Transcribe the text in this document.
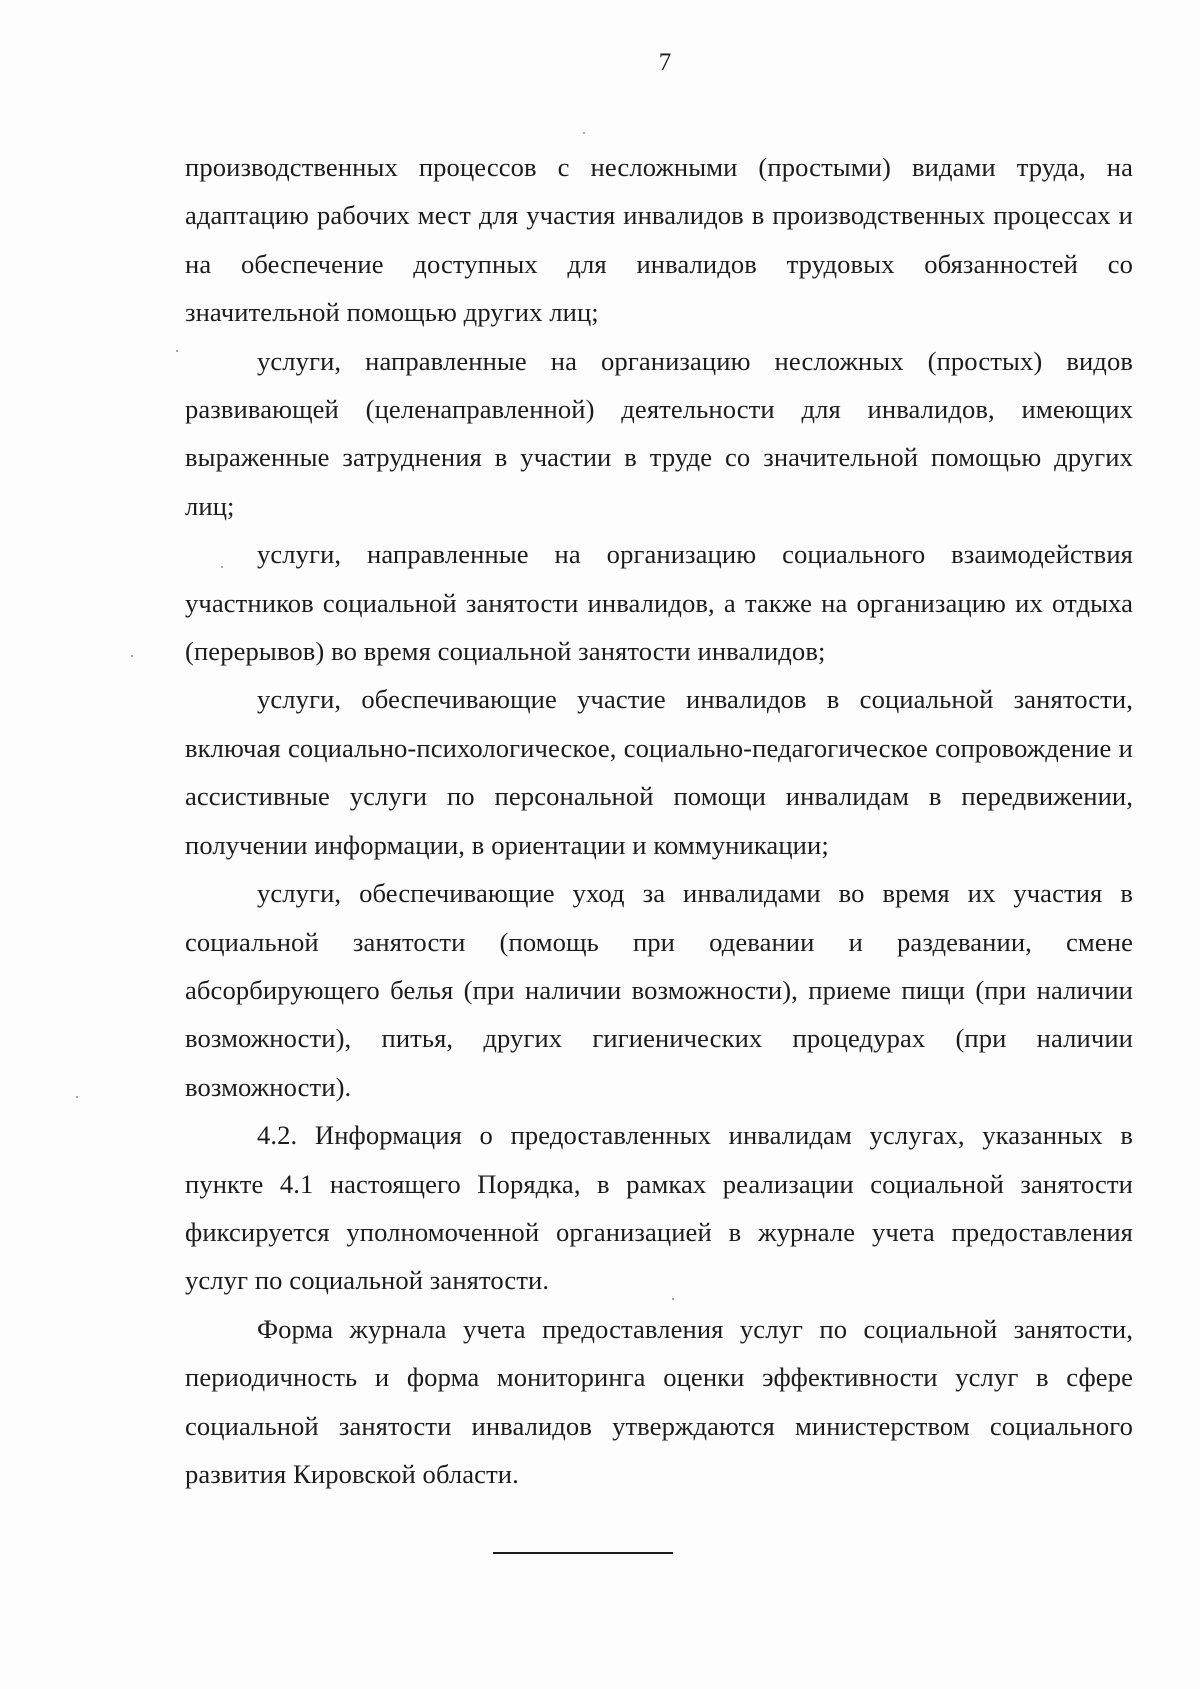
7

производственных процессов с несложными (простыми) видами труда, на адаптацию рабочих мест для участия инвалидов в производственных процессах и на обеспечение доступных для инвалидов трудовых обязанностей со значительной помощью других лиц;

услуги, направленные на организацию несложных (простых) видов развивающей (целенаправленной) деятельности для инвалидов, имеющих выраженные затруднения в участии в труде со значительной помощью других лиц;

услуги, направленные на организацию социального взаимодействия участников социальной занятости инвалидов, а также на организацию их отдыха (перерывов) во время социальной занятости инвалидов;

услуги, обеспечивающие участие инвалидов в социальной занятости, включая социально-психологическое, социально-педагогическое сопровождение и ассистивные услуги по персональной помощи инвалидам в передвижении, получении информации, в ориентации и коммуникации;

услуги, обеспечивающие уход за инвалидами во время их участия в социальной занятости (помощь при одевании и раздевании, смене абсорбирующего белья (при наличии возможности), приеме пищи (при наличии возможности), питья, других гигиенических процедурах (при наличии возможности).

4.2. Информация о предоставленных инвалидам услугах, указанных в пункте 4.1 настоящего Порядка, в рамках реализации социальной занятости фиксируется уполномоченной организацией в журнале учета предоставления услуг по социальной занятости.

Форма журнала учета предоставления услуг по социальной занятости, периодичность и форма мониторинга оценки эффективности услуг в сфере социальной занятости инвалидов утверждаются министерством социального развития Кировской области.
